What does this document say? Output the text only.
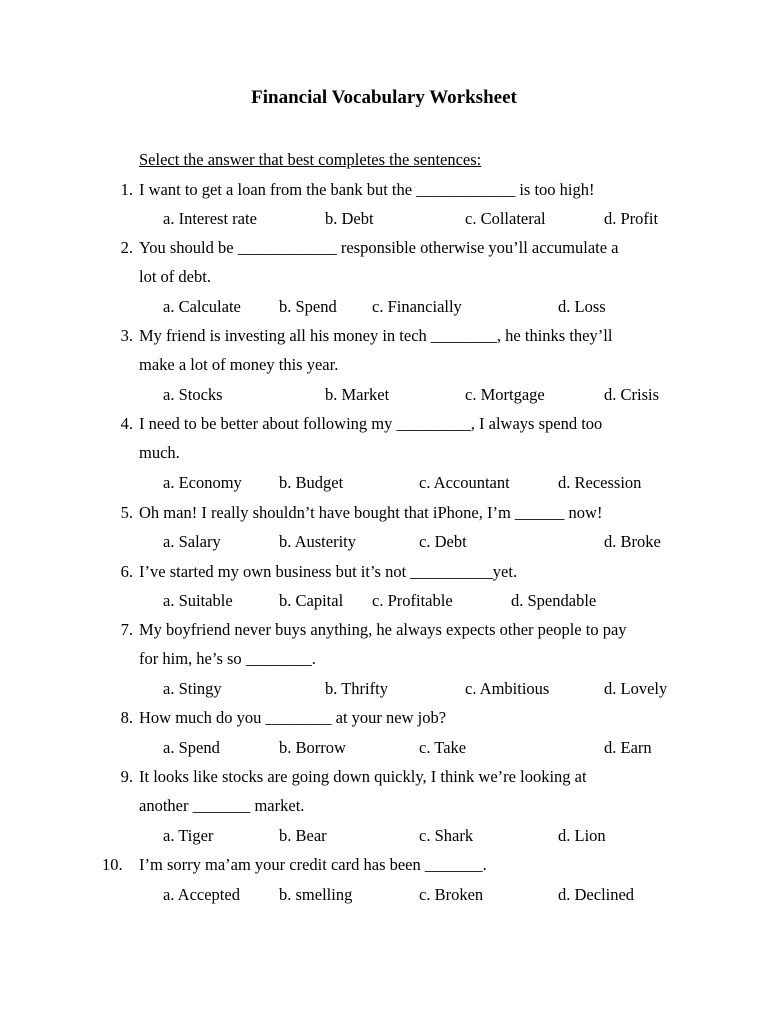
Financial Vocabulary Worksheet
Select the answer that best completes the sentences:
1. I want to get a loan from the bank but the ____________ is too high!
a. Interest rate	b. Debt	c. Collateral	d. Profit
2. You should be ____________ responsible otherwise you’ll accumulate a
lot of debt.
a. Calculate b. Spend c. Financially	d. Loss
3. My friend is investing all his money in tech ________, he thinks they’ll
make a lot of money this year.
a. Stocks	b. Market	c. Mortgage	d. Crisis
4. I need to be better about following my _________, I always spend too
much.
a. Economy b. Budget	c. Accountant	d. Recession
5. Oh man! I really shouldn’t have bought that iPhone, I’m ______ now!
a. Salary	b. Austerity	c. Debt	d. Broke
6. I’ve started my own business but it’s not __________yet.
a. Suitable	b. Capital c. Profitable	d. Spendable
7. My boyfriend never buys anything, he always expects other people to pay
for him, he’s so ________.
a. Stingy	b. Thrifty	c. Ambitious	d. Lovely
8. How much do you ________ at your new job?
a. Spend	b. Borrow	c. Take	d. Earn
9. It looks like stocks are going down quickly, I think we’re looking at
another _______ market.
a. Tiger	b. Bear	c. Shark	d. Lion
10. I’m sorry ma’am your credit card has been _______.
a. Accepted b. smelling	c. Broken	d. Declined
